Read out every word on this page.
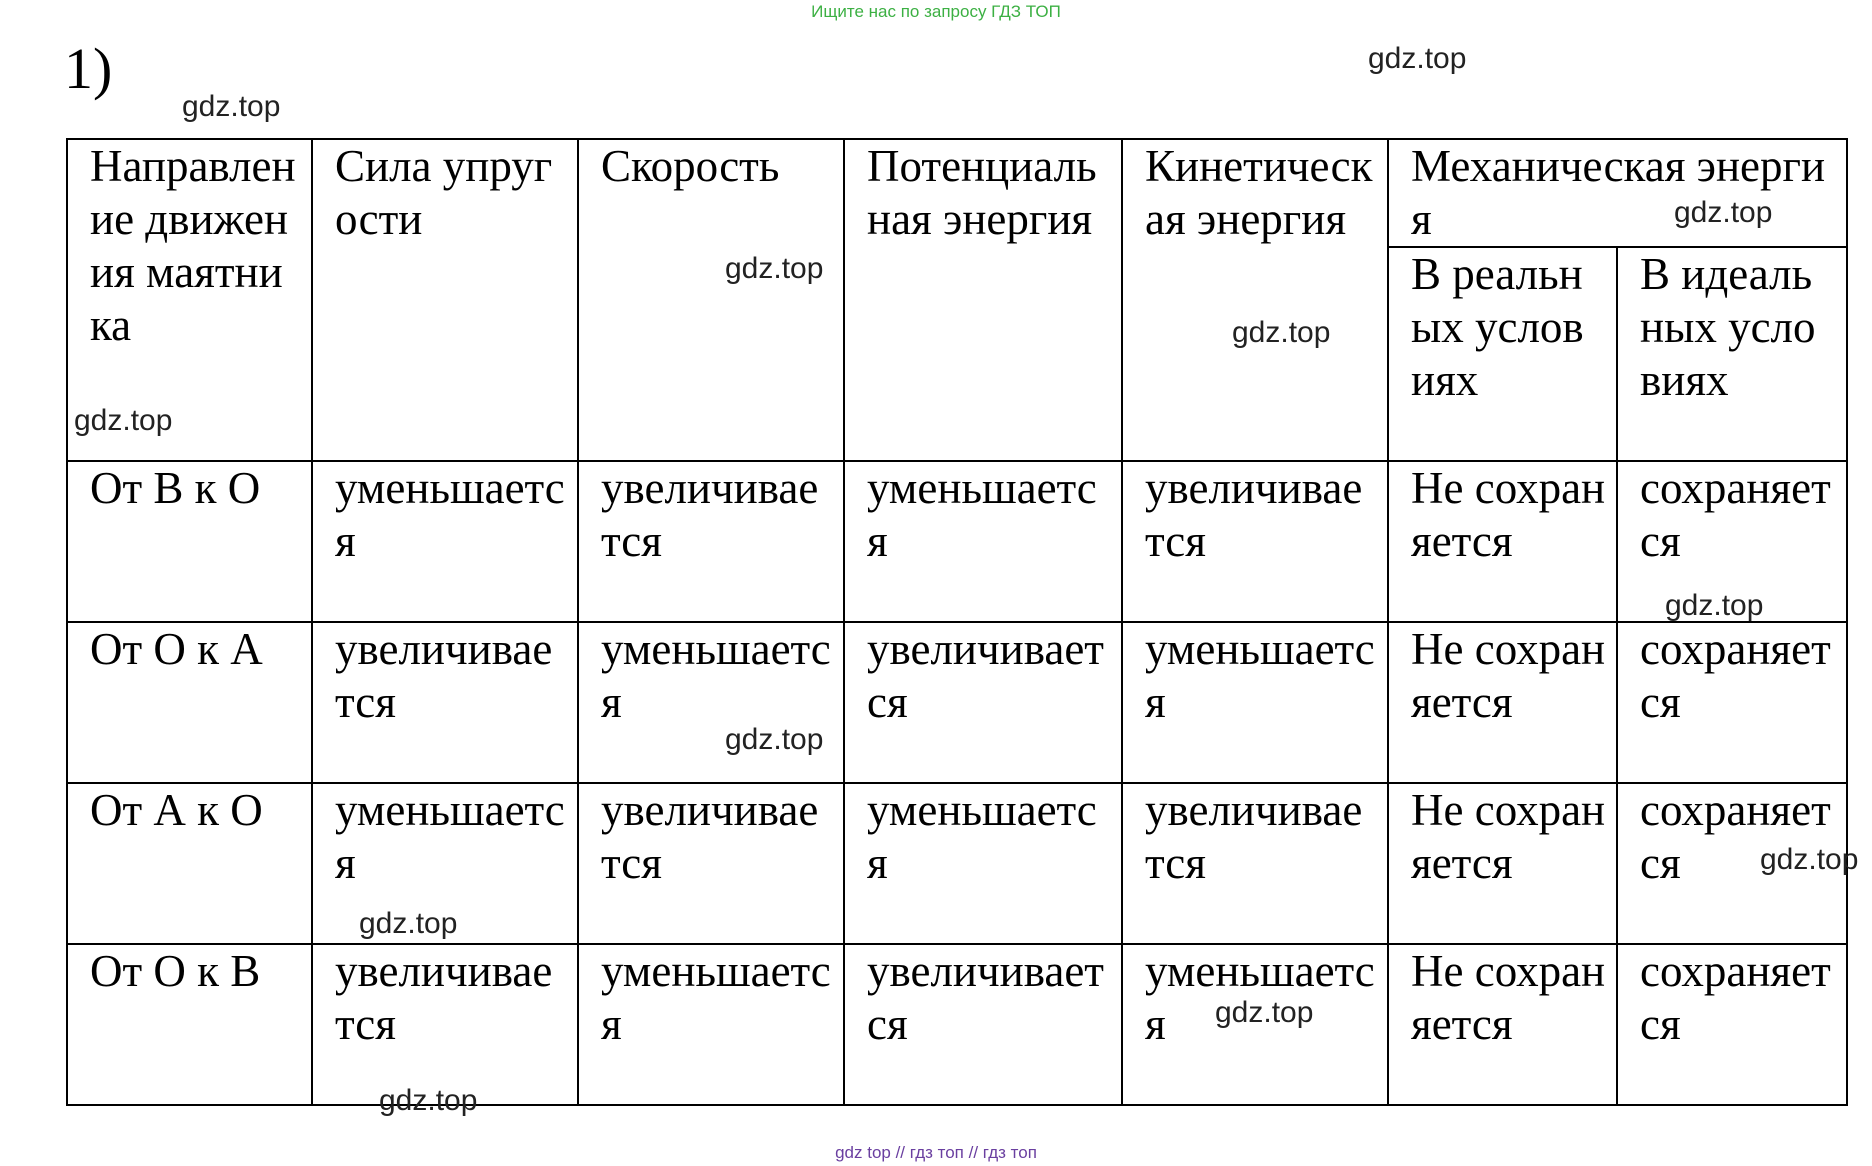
Ищите нас по запросу ГДЗ ТОП
1)
Направление движения маятника	Сила упругости	Скорость	Потенциальная энергия	Кинетическая энергия	Механическая энергия	
					В реальных условиях	В идеальных условиях
От В к О	уменьшается	увеличивается	уменьшается	увеличивается	Не сохраняется	сохраняется
От О к А	увеличивается	уменьшается	увеличивается	уменьшается	Не сохраняется	сохраняется
От А к О	уменьшается	увеличивается	уменьшается	увеличивается	Не сохраняется	сохраняется
От О к В	увеличивается	уменьшается	увеличивается	уменьшается	Не сохраняется	сохраняется
gdz.top
gdz.top
gdz.top
gdz.top
gdz.top
gdz.top
gdz.top
gdz.top
gdz.top
gdz.top
gdz.top
gdz.top
gdz top // гдз топ // гдз топ
